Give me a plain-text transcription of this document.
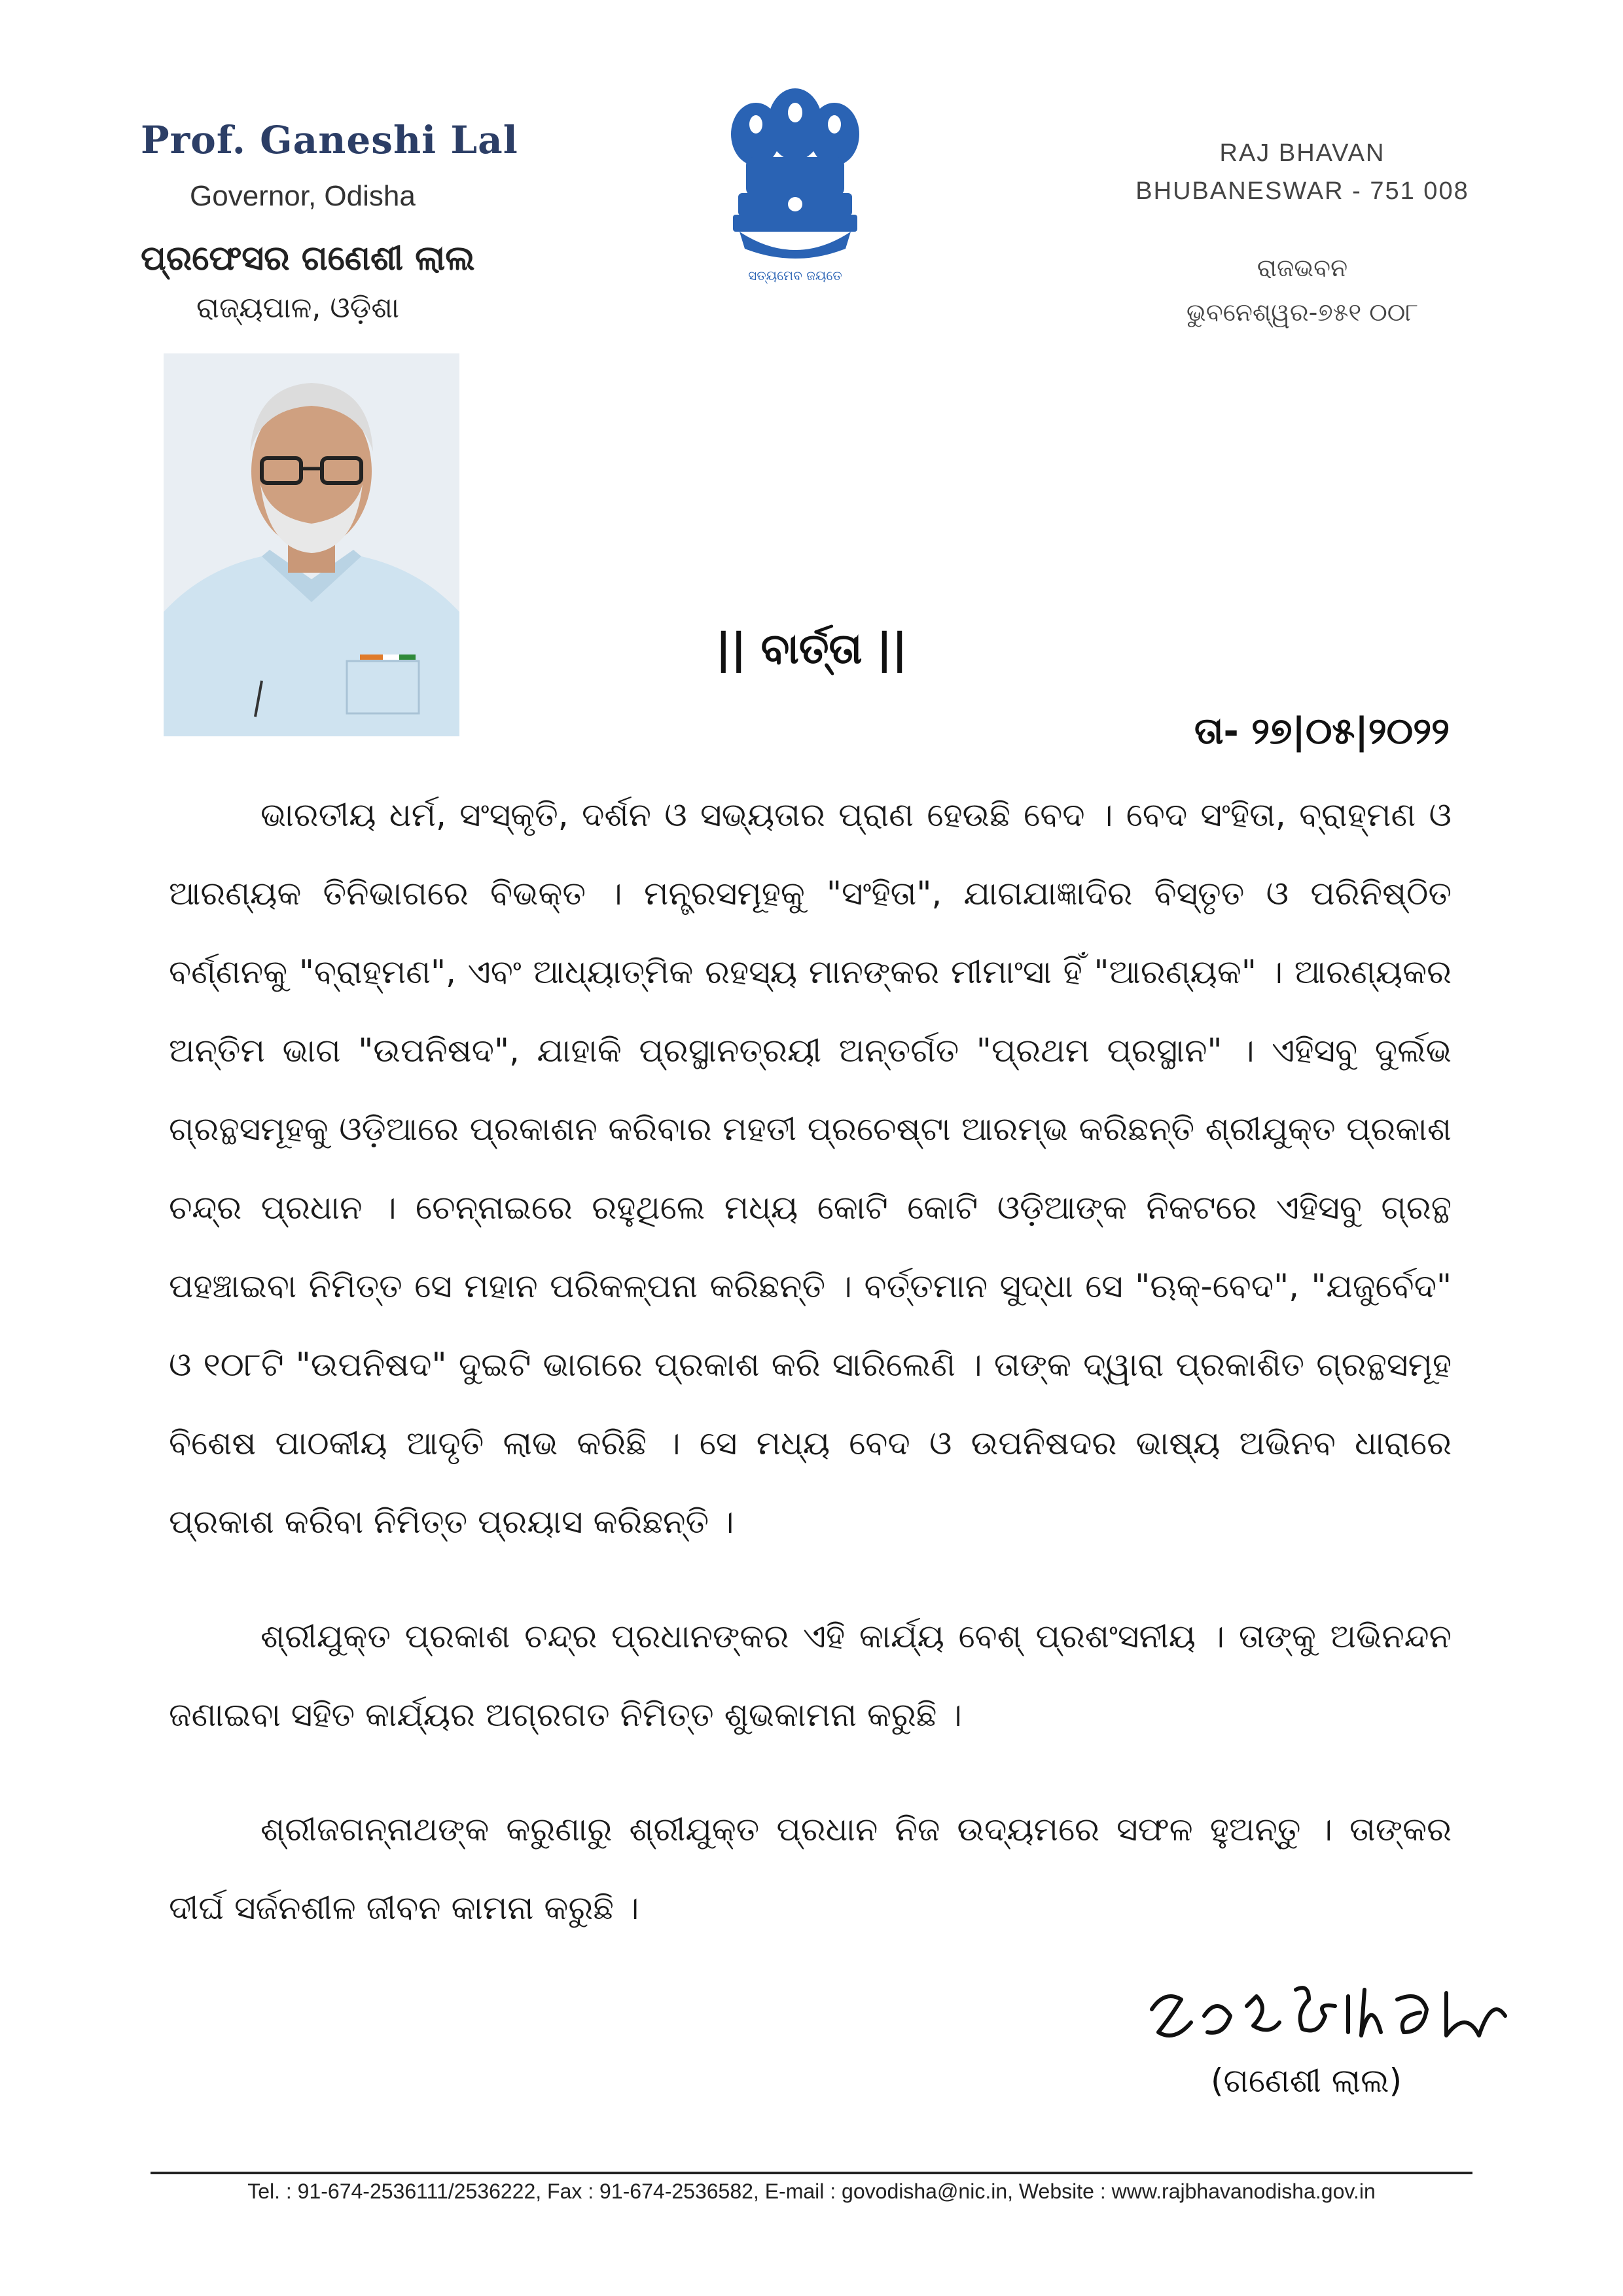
Prof. Ganeshi Lal
Governor, Odisha
ପ୍ରଫେସର ଗଣେଶୀ ଲାଲ
ରାଜ୍ୟପାଳ, ଓଡ଼ିଶା
ସତ୍ୟମେବ ଜୟତେ
RAJ BHAVAN
BHUBANESWAR - 751 008
ରାଜଭବନ
ଭୁବନେଶ୍ୱର-୭୫୧ ୦୦୮
|| ବାର୍ତ୍ତା ||
ତା- ୨୭|୦୫|୨୦୨୨

ଭାରତୀୟ ଧର୍ମ, ସଂସ୍କୃତି, ଦର୍ଶନ ଓ ସଭ୍ୟତାର ପ୍ରାଣ ହେଉଛି ବେଦ । ବେଦ ସଂହିତା, ବ୍ରାହ୍ମଣ ଓ ଆରଣ୍ୟକ ତିନିଭାଗରେ ବିଭକ୍ତ । ମନ୍ତ୍ରସମୂହକୁ "ସଂହିତା", ଯାଗଯାଜ୍ଞାଦିର ବିସ୍ତୃତ ଓ ପରିନିଷ୍ଠିତ ବର୍ଣ୍ଣନକୁ "ବ୍ରାହ୍ମଣ", ଏବଂ ଆଧ୍ୟାତ୍ମିକ ରହସ୍ୟ ମାନଙ୍କର ମୀମାଂସା ହିଁ "ଆରଣ୍ୟକ" । ଆରଣ୍ୟକର ଅନ୍ତିମ ଭାଗ "ଉପନିଷଦ", ଯାହାକି ପ୍ରସ୍ଥାନତ୍ରୟୀ ଅନ୍ତର୍ଗତ "ପ୍ରଥମ ପ୍ରସ୍ଥାନ" । ଏହିସବୁ ଦୁର୍ଲଭ ଗ୍ରନ୍ଥସମୂହକୁ ଓଡ଼ିଆରେ ପ୍ରକାଶନ କରିବାର ମହତୀ ପ୍ରଚେଷ୍ଟା ଆରମ୍ଭ କରିଛନ୍ତି ଶ୍ରୀଯୁକ୍ତ ପ୍ରକାଶ ଚନ୍ଦ୍ର ପ୍ରଧାନ । ଚେନ୍ନାଇରେ ରହୁଥିଲେ ମଧ୍ୟ କୋଟି କୋଟି ଓଡ଼ିଆଙ୍କ ନିକଟରେ ଏହିସବୁ ଗ୍ରନ୍ଥ ପହଞ୍ଚାଇବା ନିମିତ୍ତ ସେ ମହାନ ପରିକଳ୍ପନା କରିଛନ୍ତି । ବର୍ତ୍ତମାନ ସୁଦ୍ଧା ସେ "ଋକ୍-ବେଦ", "ଯଜୁର୍ବେଦ" ଓ ୧୦୮ଟି "ଉପନିଷଦ" ଦୁଇଟି ଭାଗରେ ପ୍ରକାଶ କରି ସାରିଲେଣି । ତାଙ୍କ ଦ୍ୱାରା ପ୍ରକାଶିତ ଗ୍ରନ୍ଥସମୂହ ବିଶେଷ ପାଠକୀୟ ଆଦୃତି ଲାଭ କରିଛି । ସେ ମଧ୍ୟ ବେଦ ଓ ଉପନିଷଦର ଭାଷ୍ୟ ଅଭିନବ ଧାରାରେ ପ୍ରକାଶ କରିବା ନିମିତ୍ତ ପ୍ରୟାସ କରିଛନ୍ତି ।

ଶ୍ରୀଯୁକ୍ତ ପ୍ରକାଶ ଚନ୍ଦ୍ର ପ୍ରଧାନଙ୍କର ଏହି କାର୍ଯ୍ୟ ବେଶ୍ ପ୍ରଶଂସନୀୟ । ତାଙ୍କୁ ଅଭିନନ୍ଦନ ଜଣାଇବା ସହିତ କାର୍ଯ୍ୟର ଅଗ୍ରଗତ ନିମିତ୍ତ ଶୁଭକାମନା କରୁଛି ।

ଶ୍ରୀଜଗନ୍ନାଥଙ୍କ କରୁଣାରୁ ଶ୍ରୀଯୁକ୍ତ ପ୍ରଧାନ ନିଜ ଉଦ୍ୟମରେ ସଫଳ ହୁଅନ୍ତୁ । ତାଙ୍କର ଦୀର୍ଘ ସର୍ଜନଶୀଳ ଜୀବନ କାମନା କରୁଛି ।

(ଗଣେଶୀ ଲାଲ)
Tel. : 91-674-2536111/2536222, Fax : 91-674-2536582, E-mail : govodisha@nic.in, Website : www.rajbhavanodisha.gov.in
